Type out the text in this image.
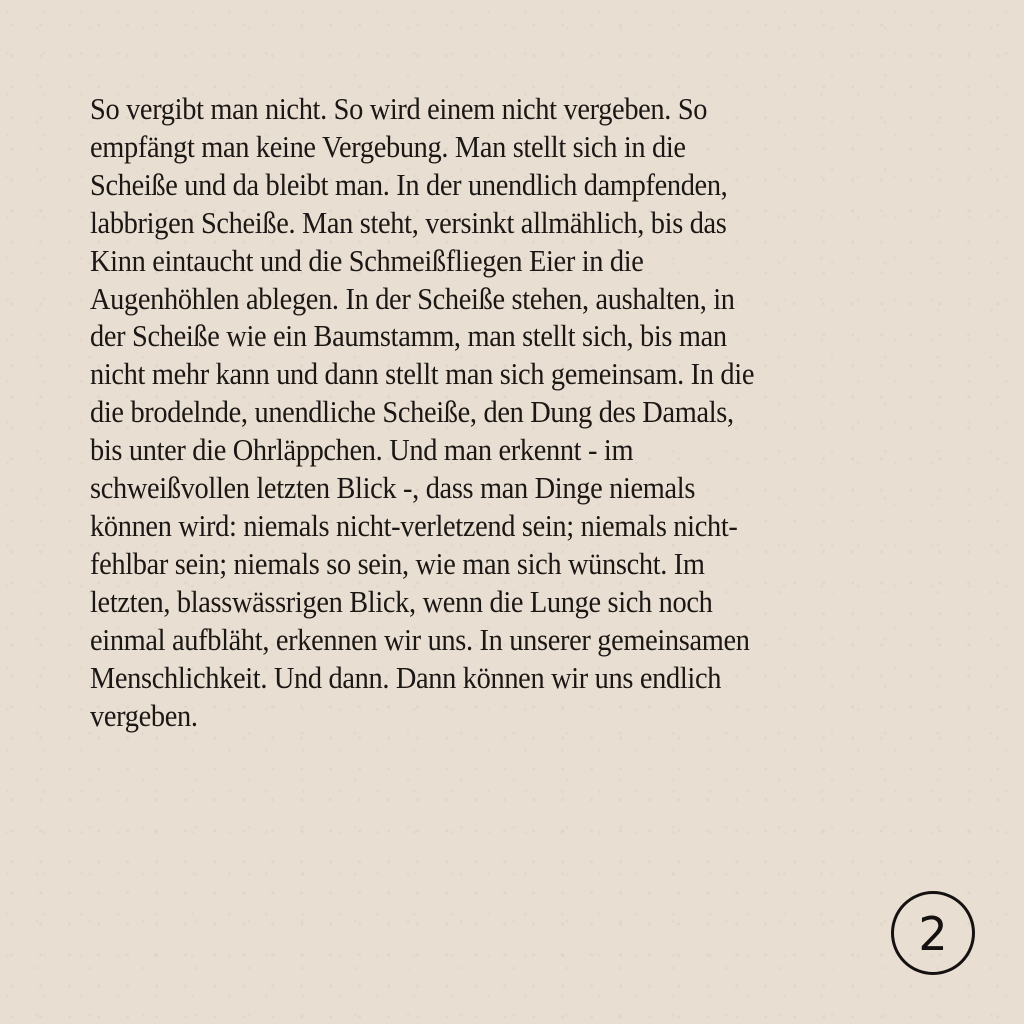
So vergibt man nicht. So wird einem nicht vergeben. So
empfängt man keine Vergebung. Man stellt sich in die
Scheiße und da bleibt man. In der unendlich dampfenden,
labbrigen Scheiße. Man steht, versinkt allmählich, bis das
Kinn eintaucht und die Schmeißfliegen Eier in die
Augenhöhlen ablegen. In der Scheiße stehen, aushalten, in
der Scheiße wie ein Baumstamm, man stellt sich, bis man
nicht mehr kann und dann stellt man sich gemeinsam. In die
die brodelnde, unendliche Scheiße, den Dung des Damals,
bis unter die Ohrläppchen. Und man erkennt - im
schweißvollen letzten Blick -, dass man Dinge niemals
können wird: niemals nicht-verletzend sein; niemals nicht-
fehlbar sein; niemals so sein, wie man sich wünscht. Im
letzten, blasswässrigen Blick, wenn die Lunge sich noch
einmal aufbläht, erkennen wir uns. In unserer gemeinsamen
Menschlichkeit. Und dann. Dann können wir uns endlich
vergeben.
2
